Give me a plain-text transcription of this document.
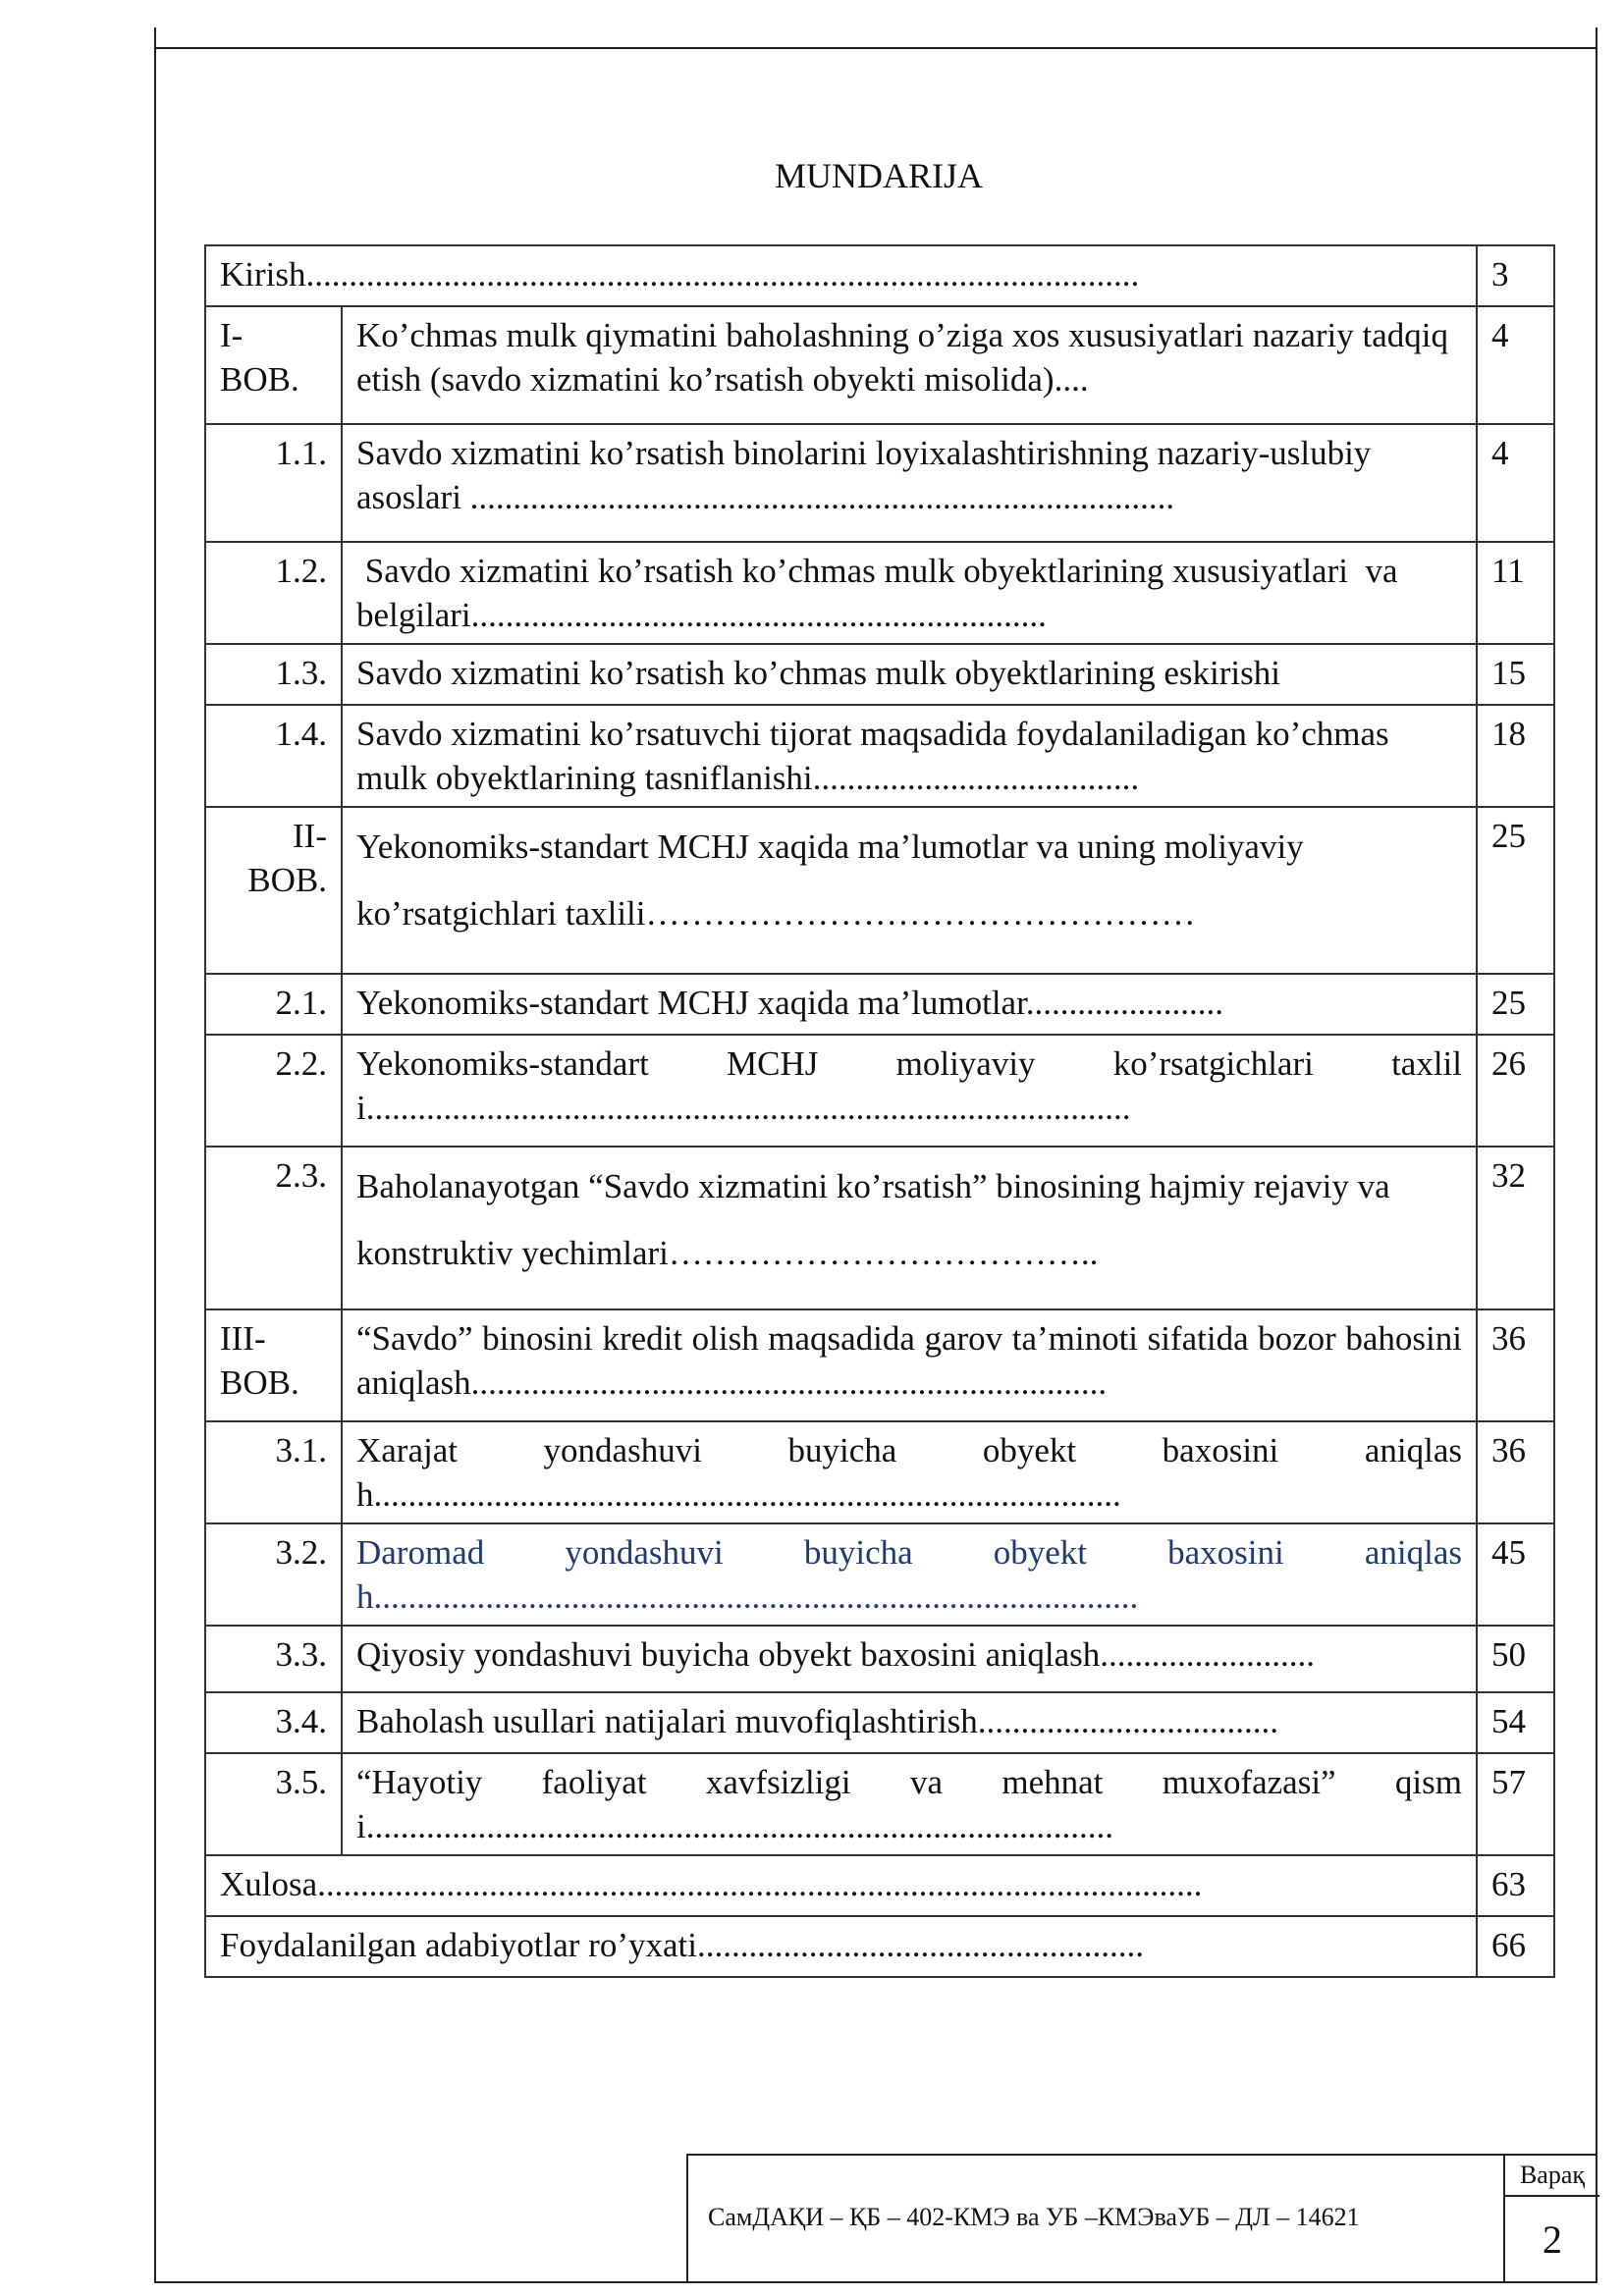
MUNDARIJA
Kirish.................................................................................................		3
I-BOB.	Ko’chmas mulk qiymatini baholashning o’ziga xos xususiyatlari nazariy tadqiq etish (savdo xizmatini ko’rsatish obyekti misolida)....	4
1.1.	Savdo xizmatini ko’rsatish binolarini loyixalashtirishning nazariy-uslubiy asoslari ..................................................................................	4
1.2.	Savdo xizmatini ko’rsatish ko’chmas mulk obyektlarining xususiyatlari  va belgilari...................................................................	11
1.3.	Savdo xizmatini ko’rsatish ko’chmas mulk obyektlarining eskirishi	15
1.4.	Savdo xizmatini ko’rsatuvchi tijorat maqsadida foydalaniladigan ko’chmas mulk obyektlarining tasniflanishi......................................	18
II-BOB.	Yekonomiks-standart MCHJ xaqida ma’lumotlar va uning moliyaviy ko’rsatgichlari taxlili…………………………………………	25
2.1.	Yekonomiks-standart MCHJ xaqida ma’lumotlar.......................	25
2.2.	Yekonomiks-standart MCHJ moliyaviy ko’rsatgichlari taxlili.........................................................................................	26
2.3.	Baholanayotgan “Savdo xizmatini ko’rsatish” binosining hajmiy rejaviy va konstruktiv yechimlari………………………………..	32
III-BOB.	“Savdo” binosini kredit olish maqsadida garov ta’minoti sifatida bozor bahosini aniqlash..........................................................................	36
3.1.	Xarajat yondashuvi buyicha obyekt baxosini aniqlash.......................................................................................	36
3.2.	Daromad yondashuvi buyicha obyekt baxosini aniqlash.........................................................................................	45
3.3.	Qiyosiy yondashuvi buyicha obyekt baxosini aniqlash.........................	50
3.4.	Baholash usullari natijalari muvofiqlashtirish...................................	54
3.5.	“Hayotiy faoliyat xavfsizligi va mehnat muxofazasi” qismi.......................................................................................	57
Xulosa.......................................................................................................		63
Foydalanilgan adabiyotlar ro’yxati....................................................		66
СамДАҚИ – ҚБ – 402-КМЭ ва УБ –КМЭваУБ – ДЛ – 14621
Варақ
2
